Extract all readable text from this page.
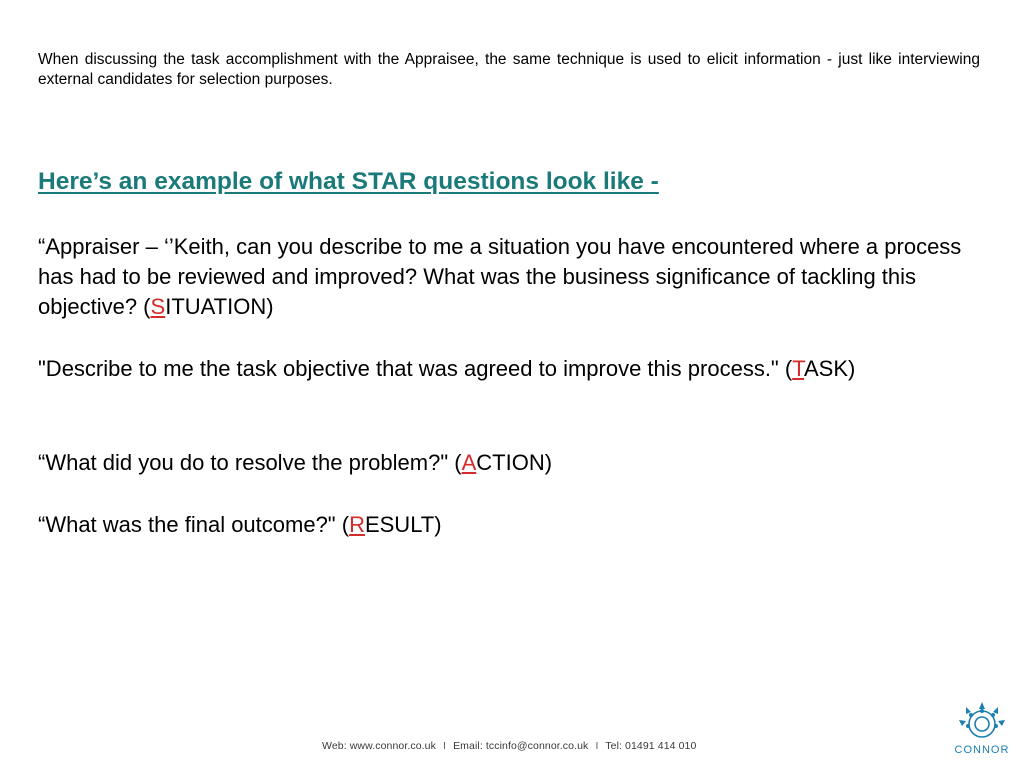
When discussing the task accomplishment with the Appraisee, the same technique is used to elicit information - just like interviewing external candidates for selection purposes.
Here’s an example of what STAR questions look like -
“Appraiser – ‘’Keith, can you describe to me a situation you have encountered where a process has had to be reviewed and improved? What was the business significance of tackling this objective? (SITUATION)
"Describe to me the task objective that was agreed to improve this process." (TASK)
“What did you do to resolve the problem?" (ACTION)
“What was the final outcome?" (RESULT)
Web: www.connor.co.uk I Email: tccinfo@connor.co.uk I Tel: 01491 414 010	CONNOR
